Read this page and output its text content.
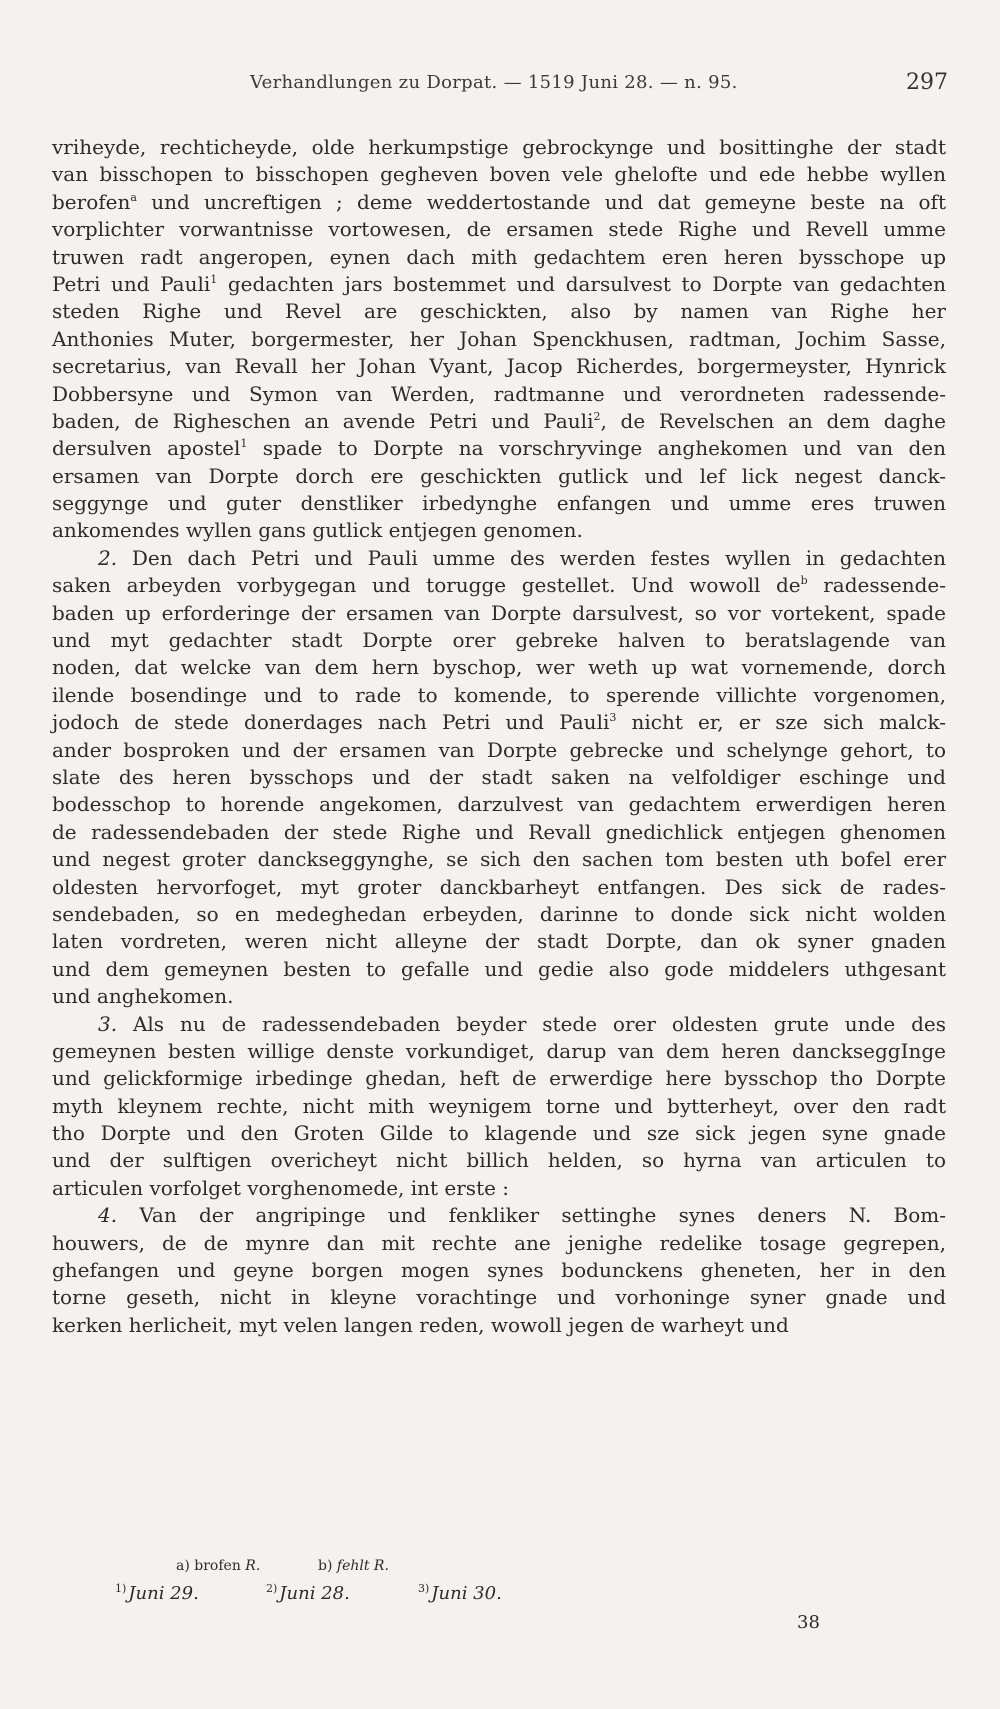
Verhandlungen zu Dorpat. — 1519 Juni 28. — n. 95.	297
vriheyde, rechticheyde, olde herkumpstige gebrockynge und bosittinghe der stadt
van bisschopen to bisschopen gegheven boven vele ghelofte und ede hebbe wyllen
berofen$^a$ und uncreftigen ; deme weddertostande und dat gemeyne beste na oft
vorplichter vorwantnisse vortowesen, de ersamen stede Righe und Revell umme
truwen radt angeropen, eynen dach mith gedachtem eren heren bysschope up
Petri und Pauli$^1$ gedachten jars bostemmet und darsulvest to Dorpte van gedachten
steden Righe und Revel are geschickten, also by namen van Righe her
Anthonies Muter, borgermester, her Johan Spenckhusen, radtman, Jochim Sasse,
secretarius, van Revall her Johan Vyant, Jacop Richerdes, borgermeyster, Hynrick
Dobbersyne und Symon van Werden, radtmanne und verordneten radessende-
baden, de Righeschen an avende Petri und Pauli$^2$, de Revelschen an dem daghe
dersulven apostel$^1$ spade to Dorpte na vorschryvinge anghekomen und van den
ersamen van Dorpte dorch ere geschickten gutlick und lef lick negest danck-
seggynge und guter denstliker irbedynghe enfangen und umme eres truwen
ankomendes wyllen gans gutlick entjegen genomen.
2. Den dach Petri und Pauli umme des werden festes wyllen in gedachten
saken arbeyden vorbygegan und torugge gestellet. Und wowoll $de^b$ radessende-
baden up erforderinge der ersamen van Dorpte darsulvest, so vor vortekent, spade
und myt gedachter stadt Dorpte orer gebreke halven to beratslagende van
noden, dat welcke van dem hern byschop, wer weth up wat vornemende, dorch
ilende bosendinge und to rade to komende, to sperende villichte vorgenomen,
jodoch de stede donerdages nach Petri und Pauli$^3$ nicht er, er sze sich malck-
ander bosproken und der ersamen van Dorpte gebrecke und schelynge gehort, to
slate des heren bysschops und der stadt saken na velfoldiger eschinge und
bodesschop to horende angekomen, darzulvest van gedachtem erwerdigen heren
de radessendebaden der stede Righe und Revall gnedichlick entjegen ghenomen
und negest groter danckseggynghe, se sich den sachen tom besten uth bofel erer
oldesten hervorfoget, myt groter danckbarheyt entfangen. Des sick de rades-
sendebaden, so en medeghedan erbeyden, darinne to donde sick nicht wolden
laten vordreten, weren nicht alleyne der stadt Dorpte, dan ok syner gnaden
und dem gemeynen besten to gefalle und gedie also gode middelers uthgesant
und anghekomen.
3. Als nu de radessendebaden beyder stede orer oldesten grute unde des
gemeynen besten willige denste vorkundiget, darup van dem heren danckseggInge
und gelickformige irbedinge ghedan, heft de erwerdige here bysschop tho Dorpte
myth kleynem rechte, nicht mith weynigem torne und bytterheyt, over den radt
tho Dorpte und den Groten Gilde to klagende und sze sick jegen syne gnade
und der sulftigen overicheyt nicht billich helden, so hyrna van articulen to
articulen vorfolget vorghenomede, int erste :
4. Van der angripinge und fenkliker settinghe synes deners N. Bom-
houwers, de de mynre dan mit rechte ane jenighe redelike tosage gegrepen,
ghefangen und geyne borgen mogen synes bodunckens gheneten, her in den
torne geseth, nicht in kleyne vorachtinge und vorhoninge syner gnade und
kerken herlicheit, myt velen langen reden, wowoll jegen de warheyt und
a) brofen R.	b) fehlt R.
$^{1)}$ Juni 29.	$^{2)}$ Juni 28.	$^{3)}$ Juni 30.
38
